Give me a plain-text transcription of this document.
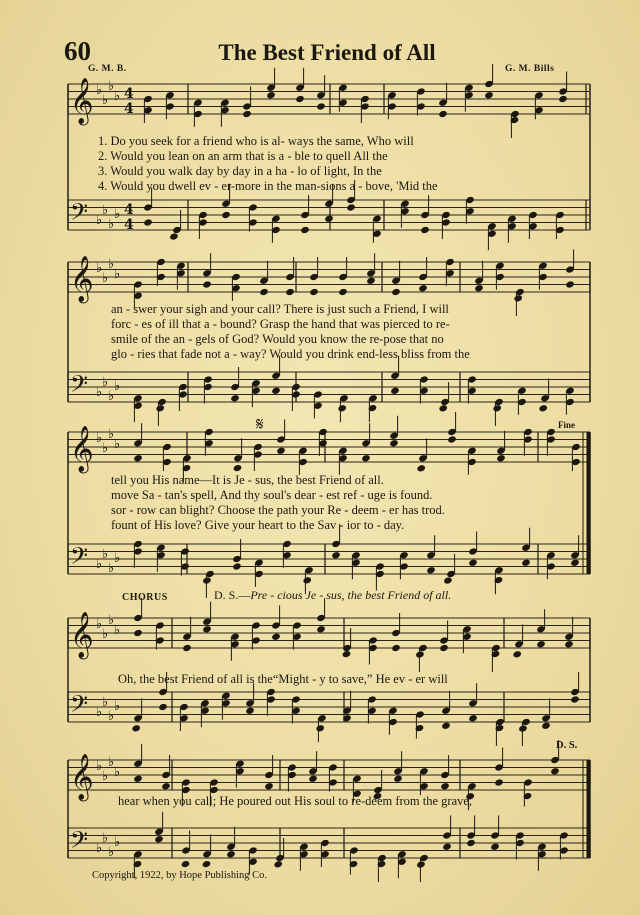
60	The Best Friend of All
G. M. B.	G. M. Bills
𝄞 ♭
♭
♭
♭ 4
4
𝄢 ♭
♭
♭
♭ 4
4
𝄞 ♭
♭
♭
♭
𝄢 ♭
♭
♭
♭
𝄞 ♭
♭
♭
♭
𝄢 ♭
♭
♭
♭
𝄞 ♭
♭
♭
♭
𝄢 ♭
♭
♭
♭
𝄞 ♭
♭
♭
♭
𝄢 ♭
♭
♭
♭
1. Do you seek for a friend who is al- ways the same, Who will
2. Would you lean on an arm that is a - ble to quell All the
3. Would you walk day by day in a ha - lo of light, In the
4. Would you dwell ev - er-more in the man-sions a - bove, 'Mid the
an - swer your sigh and your call? There is just such a Friend, I will
forc - es of ill that a - bound? Grasp the hand that was pierced to re-
smile of the an - gels of God? Would you know the re-pose that no
glo - ries that fade not a - way? Would you drink end-less bliss from the
tell you His name—It is Je - sus, the best Friend of all.
move Sa - tan's spell, And thy soul's dear - est ref - uge is found.
sor - row can blight? Choose the path your Re - deem - er has trod.
fount of His love? Give your heart to the Sav - ior to - day.
Fine
𝄋
CHORUS	D. S.—Pre - cious Je - sus, the best Friend of all.
Oh, the best Friend of all is the“Might - y to save,” He ev - er will
hear when you call; He poured out His soul to re-deem from the grave,
D. S.
Copyright, 1922, by Hope Publishing Co.
